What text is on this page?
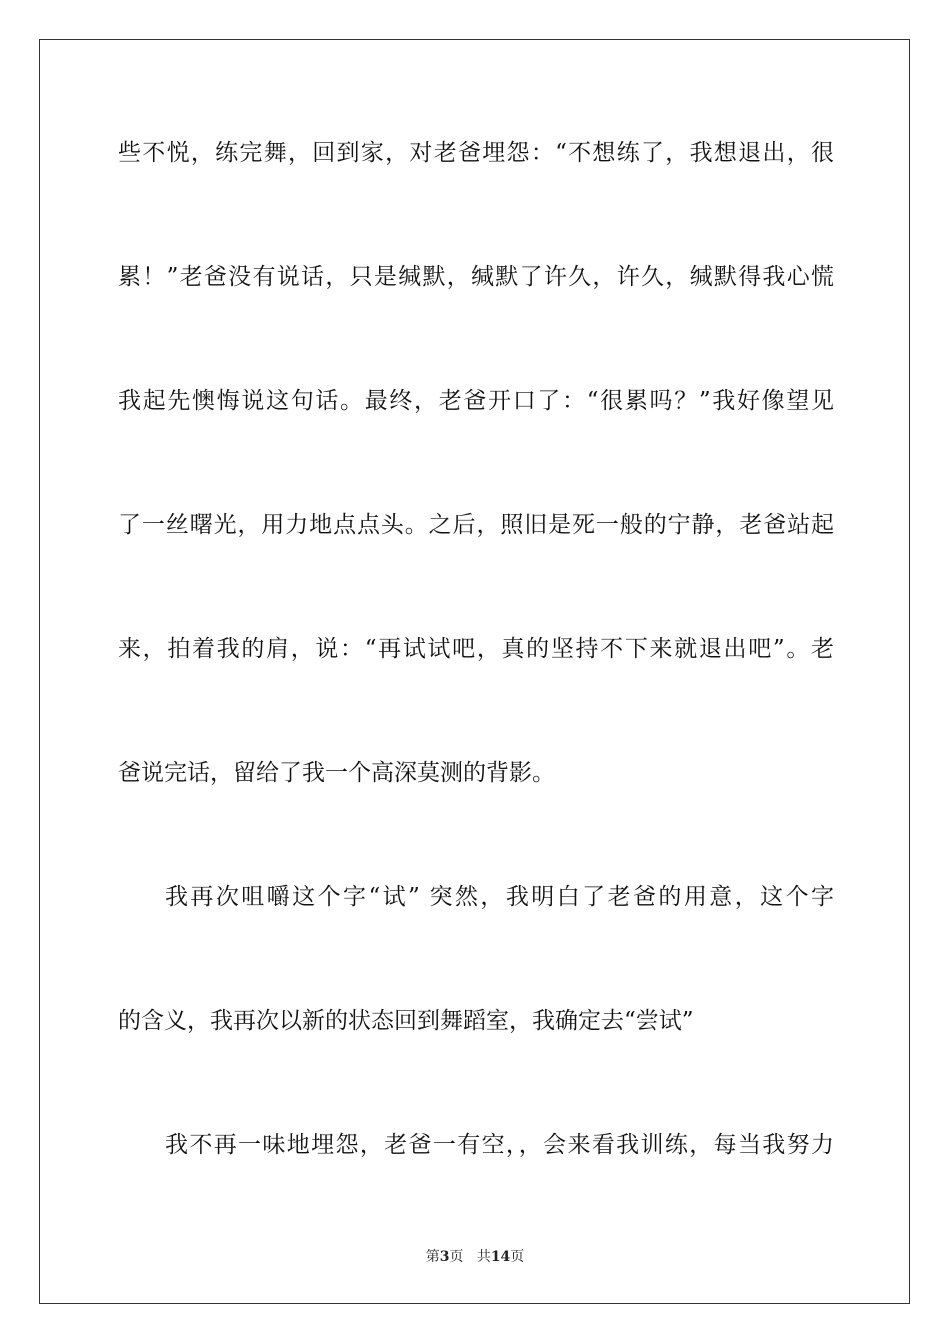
些不悦，练完舞，回到家，对老爸埋怨：“不想练了，我想退出，很
累！”老爸没有说话，只是缄默，缄默了许久，许久，缄默得我心慌
我起先懊悔说这句话。最终，老爸开口了：“很累吗？”我好像望见
了一丝曙光，用力地点点头。之后，照旧是死一般的宁静，老爸站起
来，拍着我的肩，说：“再试试吧，真的坚持不下来就退出吧”。老
爸说完话，留给了我一个高深莫测的背影。
我再次咀嚼这个字“试” 突然，我明白了老爸的用意，这个字
的含义，我再次以新的状态回到舞蹈室，我确定去“尝试”
我不再一味地埋怨，老爸一有空，，会来看我训练，每当我努力
第3页 共14页
